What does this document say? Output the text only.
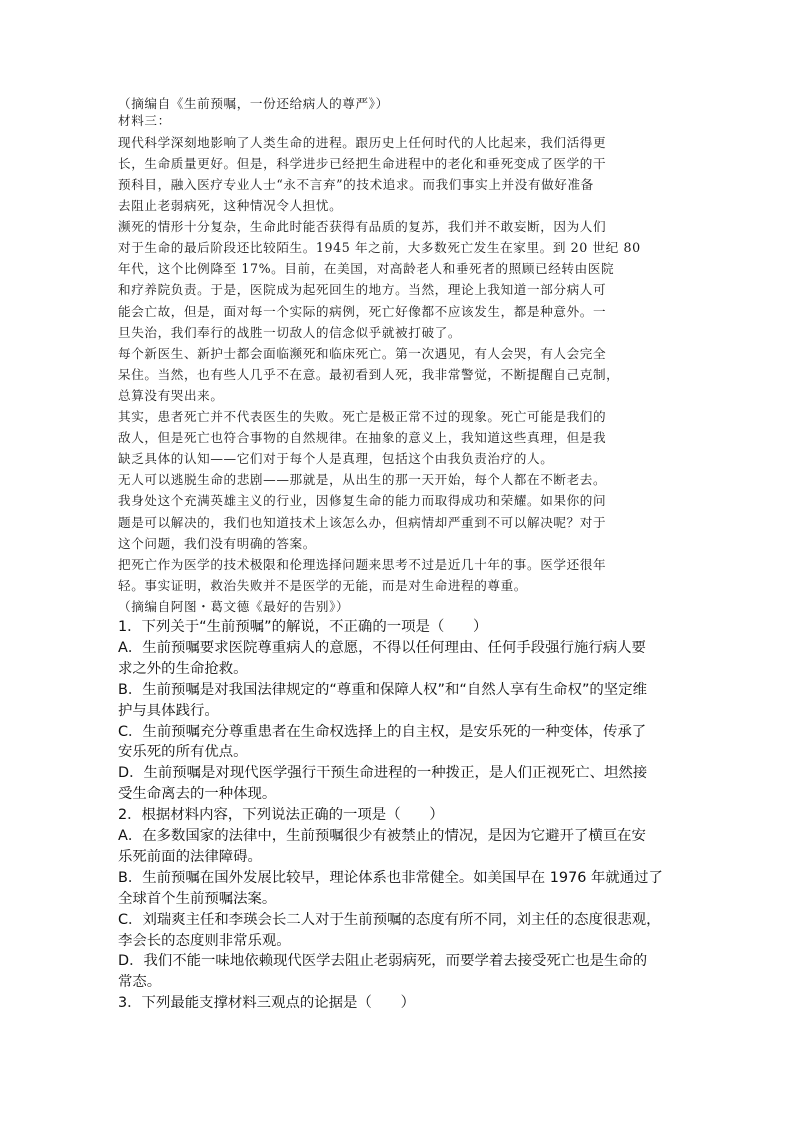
（摘编自《生前预嘱，一份还给病人的尊严》）
材料三：
现代科学深刻地影响了人类生命的进程。跟历史上任何时代的人比起来，我们活得更
长，生命质量更好。但是，科学进步已经把生命进程中的老化和垂死变成了医学的干
预科目，融入医疗专业人士“永不言弃”的技术追求。而我们事实上并没有做好准备
去阻止老弱病死，这种情况令人担忧。
濒死的情形十分复杂，生命此时能否获得有品质的复苏，我们并不敢妄断，因为人们
对于生命的最后阶段还比较陌生。1945 年之前，大多数死亡发生在家里。到 20 世纪 80
年代，这个比例降至 17%。目前，在美国，对高龄老人和垂死者的照顾已经转由医院
和疗养院负责。于是，医院成为起死回生的地方。当然，理论上我知道一部分病人可
能会亡故，但是，面对每一个实际的病例，死亡好像都不应该发生，都是种意外。一
旦失治，我们奉行的战胜一切敌人的信念似乎就被打破了。
每个新医生、新护士都会面临濒死和临床死亡。第一次遇见，有人会哭，有人会完全
呆住。当然，也有些人几乎不在意。最初看到人死，我非常警觉，不断提醒自己克制，
总算没有哭出来。
其实，患者死亡并不代表医生的失败。死亡是极正常不过的现象。死亡可能是我们的
敌人，但是死亡也符合事物的自然规律。在抽象的意义上，我知道这些真理，但是我
缺乏具体的认知——它们对于每个人是真理，包括这个由我负责治疗的人。
无人可以逃脱生命的悲剧——那就是，从出生的那一天开始，每个人都在不断老去。
我身处这个充满英雄主义的行业，因修复生命的能力而取得成功和荣耀。如果你的问
题是可以解决的，我们也知道技术上该怎么办，但病情却严重到不可以解决呢？对于
这个问题，我们没有明确的答案。
把死亡作为医学的技术极限和伦理选择问题来思考不过是近几十年的事。医学还很年
轻。事实证明，救治失败并不是医学的无能，而是对生命进程的尊重。
（摘编自阿图・葛文德《最好的告别》）
1．下列关于“生前预嘱”的解说，不正确的一项是（　　）
A．生前预嘱要求医院尊重病人的意愿，不得以任何理由、任何手段强行施行病人要
求之外的生命抢救。
B．生前预嘱是对我国法律规定的“尊重和保障人权”和“自然人享有生命权”的坚定维
护与具体践行。
C．生前预嘱充分尊重患者在生命权选择上的自主权，是安乐死的一种变体，传承了
安乐死的所有优点。
D．生前预嘱是对现代医学强行干预生命进程的一种拨正，是人们正视死亡、坦然接
受生命离去的一种体现。
2．根据材料内容，下列说法正确的一项是（　　）
A．在多数国家的法律中，生前预嘱很少有被禁止的情况，是因为它避开了横亘在安
乐死前面的法律障碍。
B．生前预嘱在国外发展比较早，理论体系也非常健全。如美国早在 1976 年就通过了
全球首个生前预嘱法案。
C．刘瑞爽主任和李瑛会长二人对于生前预嘱的态度有所不同，刘主任的态度很悲观，
李会长的态度则非常乐观。
D．我们不能一味地依赖现代医学去阻止老弱病死，而要学着去接受死亡也是生命的
常态。
3．下列最能支撑材料三观点的论据是（　　）
